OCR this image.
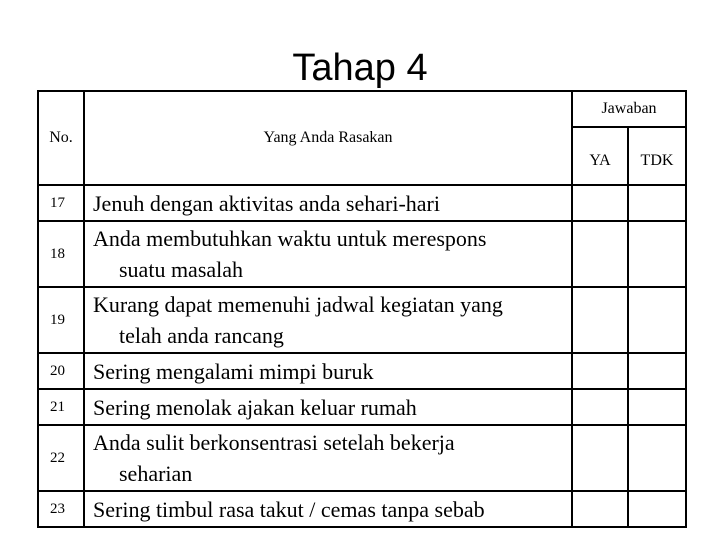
Tahap 4
No.	Yang Anda Rasakan	Jawaban	
		YA	TDK
17	Jenuh dengan aktivitas anda sehari-hari		

18	Anda membutuhkan waktu untuk merespons
suatu masalah		

19	Kurang dapat memenuhi jadwal kegiatan yang
telah anda rancang		

20	Sering mengalami mimpi buruk		

21	Sering menolak ajakan keluar rumah		

22	Anda sulit berkonsentrasi setelah bekerja
seharian		

23	Sering timbul rasa takut / cemas tanpa sebab		
